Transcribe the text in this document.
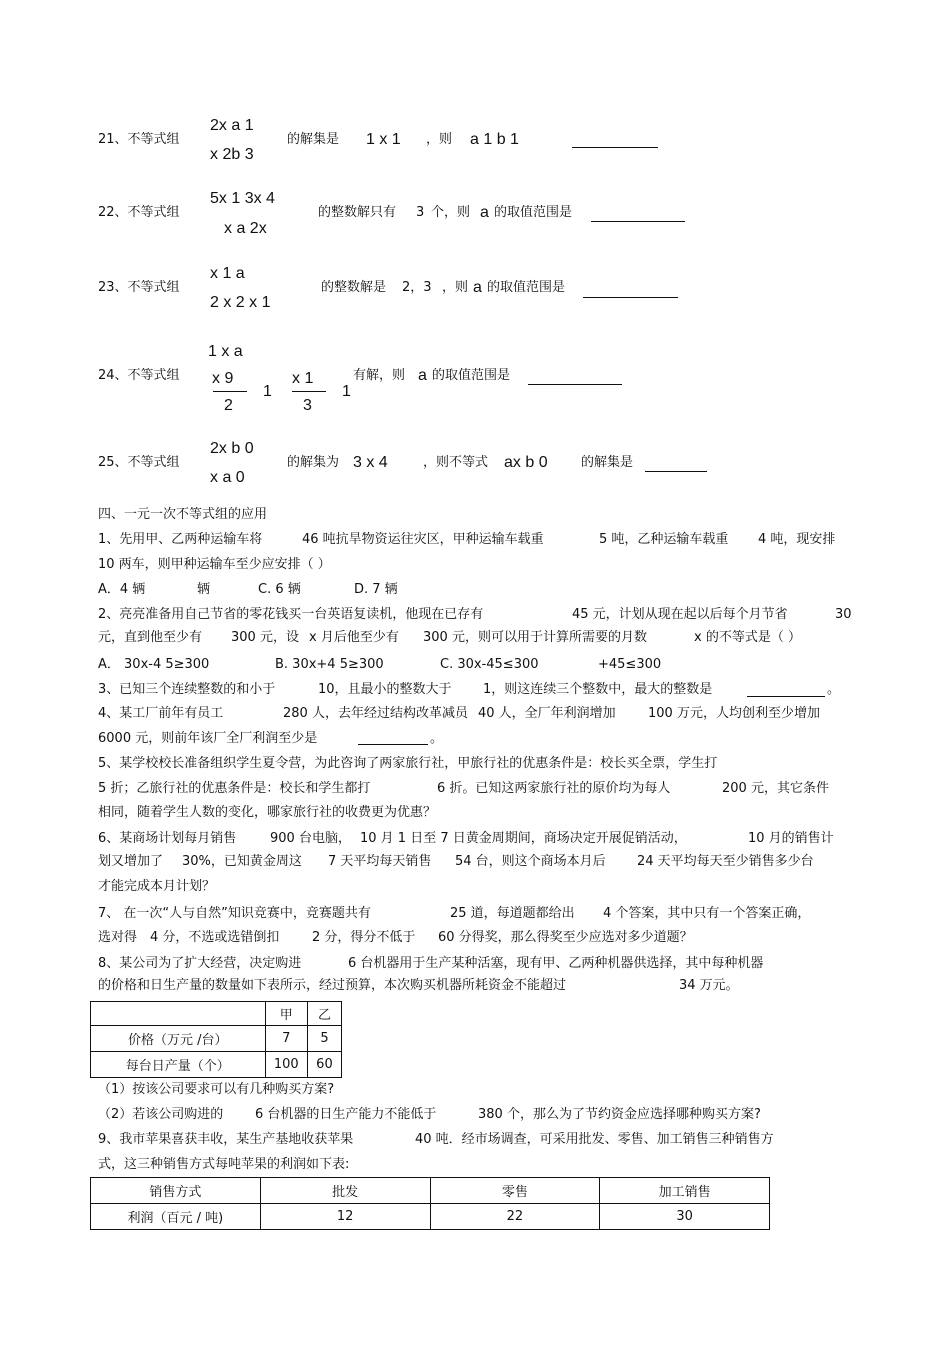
21、不等式组
2x a 1
x 2b 3
的解集是 1 x 1 ，则 a 1 b 1
22、不等式组
5x 1 3x 4
x a 2x
的整数解只有 3 个，则 a 的取值范围是
23、不等式组
x 1 a
2 x 2 x 1
的整数解是 2，3 ，则 a 的取值范围是
24、不等式组
1 x a
x 9
2
1
x 1
3
1
有解，则 a 的取值范围是
25、不等式组
2x b 0
x a 0
的解集为 3 x 4	，则不等式 ax b 0	的解集是
四、一元一次不等式组的应用
1、先用甲、乙两种运输车将	46 吨抗旱物资运往灾区，甲种运输车载重	5 吨，乙种运输车载重 4 吨，现安排
10 两车，则甲种运输车至少应安排（ ）
A．4 辆	辆	C. 6 辆	D. 7 辆
2、亮亮准备用自己节省的零花钱买一台英语复读机，他现在已存有	45 元，计划从现在起以后每个月节省	30
元，直到他至少有 300 元，设 x 月后他至少有 300 元，则可以用于计算所需要的月数	x 的不等式是（ ）
A． 30x-4 5≥300	B. 30x+4 5≥300	C. 30x-45≤300	+45≤300
3、已知三个连续整数的和小于	10，且最小的整数大于 1，则这连续三个整数中，最大的整数是	。
4、某工厂前年有员工	280 人，去年经过结构改革减员 40 人，全厂年利润增加 100 万元，人均创利至少增加
6000 元，则前年该厂全厂利润至少是	。
5、某学校校长准备组织学生夏令营，为此咨询了两家旅行社，甲旅行社的优惠条件是：校长买全票，学生打
5 折；乙旅行社的优惠条件是：校长和学生都打	6 折。已知这两家旅行社的原价均为每人	200 元，其它条件
相同，随着学生人数的变化，哪家旅行社的收费更为优惠？
6、某商场计划每月销售	900 台电脑， 10 月 1 日至 7 日黄金周期间，商场决定开展促销活动，	10 月的销售计
划又增加了 30%，已知黄金周这 7 天平均每天销售 54 台，则这个商场本月后 24 天平均每天至少销售多少台
才能完成本月计划？
7、 在一次“人与自然”知识竞赛中，竞赛题共有	25 道，每道题都给出 4 个答案，其中只有一个答案正确，
选对得 4 分，不选或选错倒扣	2 分，得分不低于 60 分得奖，那么得奖至少应选对多少道题？
8、某公司为了扩大经营，决定购进	6 台机器用于生产某种活塞，现有甲、乙两种机器供选择，其中每种机器
的价格和日生产量的数量如下表所示，经过预算，本次购买机器所耗资金不能超过	34 万元。
	甲	乙
价格（万元 /台）	7	5
每台日产量（个）	100	60
（1）按该公司要求可以有几种购买方案?
（2）若该公司购进的 6 台机器的日生产能力不能低于	380 个，那么为了节约资金应选择哪种购买方案?
9、我市苹果喜获丰收，某生产基地收获苹果	40 吨．经市场调查，可采用批发、零售、加工销售三种销售方
式，这三种销售方式每吨苹果的利润如下表:
销售方式	批发	零售	加工销售
利润（百元 / 吨)	12	22	30
